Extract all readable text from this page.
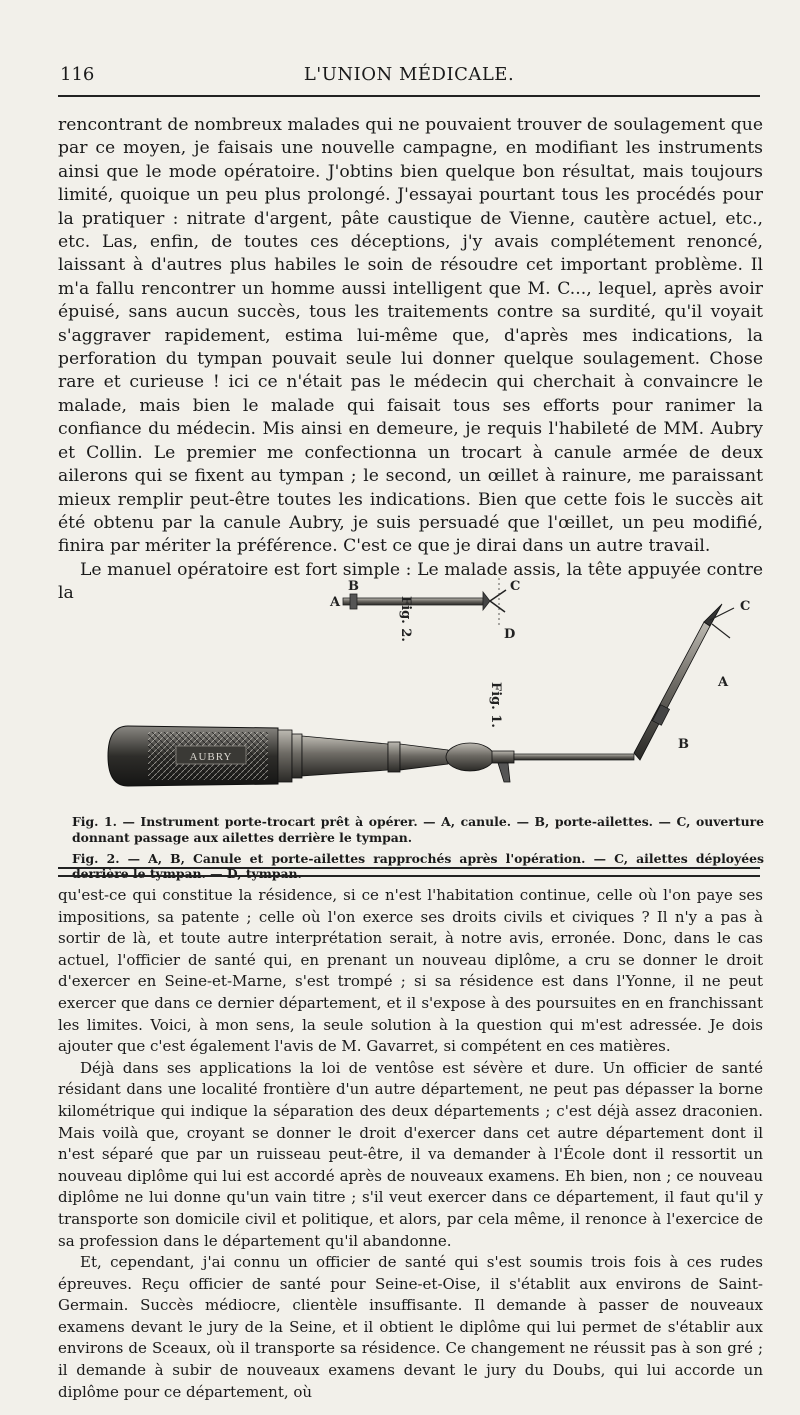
116	L'UNION MÉDICALE.

rencontrant de nombreux malades qui ne pouvaient trouver de soulagement que par ce moyen, je faisais une nouvelle campagne, en modifiant les instruments ainsi que le mode opératoire. J'obtins bien quelque bon résultat, mais toujours limité, quoique un peu plus prolongé. J'essayai pourtant tous les procédés pour la pratiquer : nitrate d'argent, pâte caustique de Vienne, cautère actuel, etc., etc. Las, enfin, de toutes ces déceptions, j'y avais complétement renoncé, laissant à d'autres plus habiles le soin de résoudre cet important problème. Il m'a fallu rencontrer un homme aussi intelligent que M. C..., lequel, après avoir épuisé, sans aucun succès, tous les traitements contre sa surdité, qu'il voyait s'aggraver rapidement, estima lui-même que, d'après mes indications, la perforation du tympan pouvait seule lui donner quelque soulagement. Chose rare et curieuse ! ici ce n'était pas le médecin qui cherchait à convaincre le malade, mais bien le malade qui faisait tous ses efforts pour ranimer la confiance du médecin. Mis ainsi en demeure, je requis l'habileté de MM. Aubry et Collin. Le premier me confectionna un trocart à canule armée de deux ailerons qui se fixent au tympan ; le second, un œillet à rainure, me paraissant mieux remplir peut-être toutes les indications. Bien que cette fois le succès ait été obtenu par la canule Aubry, je suis persuadé que l'œillet, un peu modifié, finira par mériter la préférence. C'est ce que je dirai dans un autre travail.

Le manuel opératoire est fort simple : Le malade assis, la tête appuyée contre la

Fig. 2.
Fig. 1.
A
B	C
D
A
B
C
AUBRY

Fig. 1. — Instrument porte-trocart prêt à opérer. — A, canule. — B, porte-ailettes. — C, ouverture donnant passage aux ailettes derrière le tympan.

Fig. 2. — A, B, Canule et porte-ailettes rapprochés après l'opération. — C, ailettes déployées derrière le tympan. — D, tympan.

qu'est-ce qui constitue la résidence, si ce n'est l'habitation continue, celle où l'on paye ses impositions, sa patente ; celle où l'on exerce ses droits civils et civiques ? Il n'y a pas à sortir de là, et toute autre interprétation serait, à notre avis, erronée. Donc, dans le cas actuel, l'officier de santé qui, en prenant un nouveau diplôme, a cru se donner le droit d'exercer en Seine-et-Marne, s'est trompé ; si sa résidence est dans l'Yonne, il ne peut exercer que dans ce dernier département, et il s'expose à des poursuites en en franchissant les limites. Voici, à mon sens, la seule solution à la question qui m'est adressée. Je dois ajouter que c'est également l'avis de M. Gavarret, si compétent en ces matières.

Déjà dans ses applications la loi de ventôse est sévère et dure. Un officier de santé résidant dans une localité frontière d'un autre département, ne peut pas dépasser la borne kilométrique qui indique la séparation des deux départements ; c'est déjà assez draconien. Mais voilà que, croyant se donner le droit d'exercer dans cet autre département dont il n'est séparé que par un ruisseau peut-être, il va demander à l'École dont il ressortit un nouveau diplôme qui lui est accordé après de nouveaux examens. Eh bien, non ; ce nouveau diplôme ne lui donne qu'un vain titre ; s'il veut exercer dans ce département, il faut qu'il y transporte son domicile civil et politique, et alors, par cela même, il renonce à l'exercice de sa profession dans le département qu'il abandonne.

Et, cependant, j'ai connu un officier de santé qui s'est soumis trois fois à ces rudes épreuves. Reçu officier de santé pour Seine-et-Oise, il s'établit aux environs de Saint-Germain. Succès médiocre, clientèle insuffisante. Il demande à passer de nouveaux examens devant le jury de la Seine, et il obtient le diplôme qui lui permet de s'établir aux environs de Sceaux, où il transporte sa résidence. Ce changement ne réussit pas à son gré ; il demande à subir de nouveaux examens devant le jury du Doubs, qui lui accorde un diplôme pour ce département, où
